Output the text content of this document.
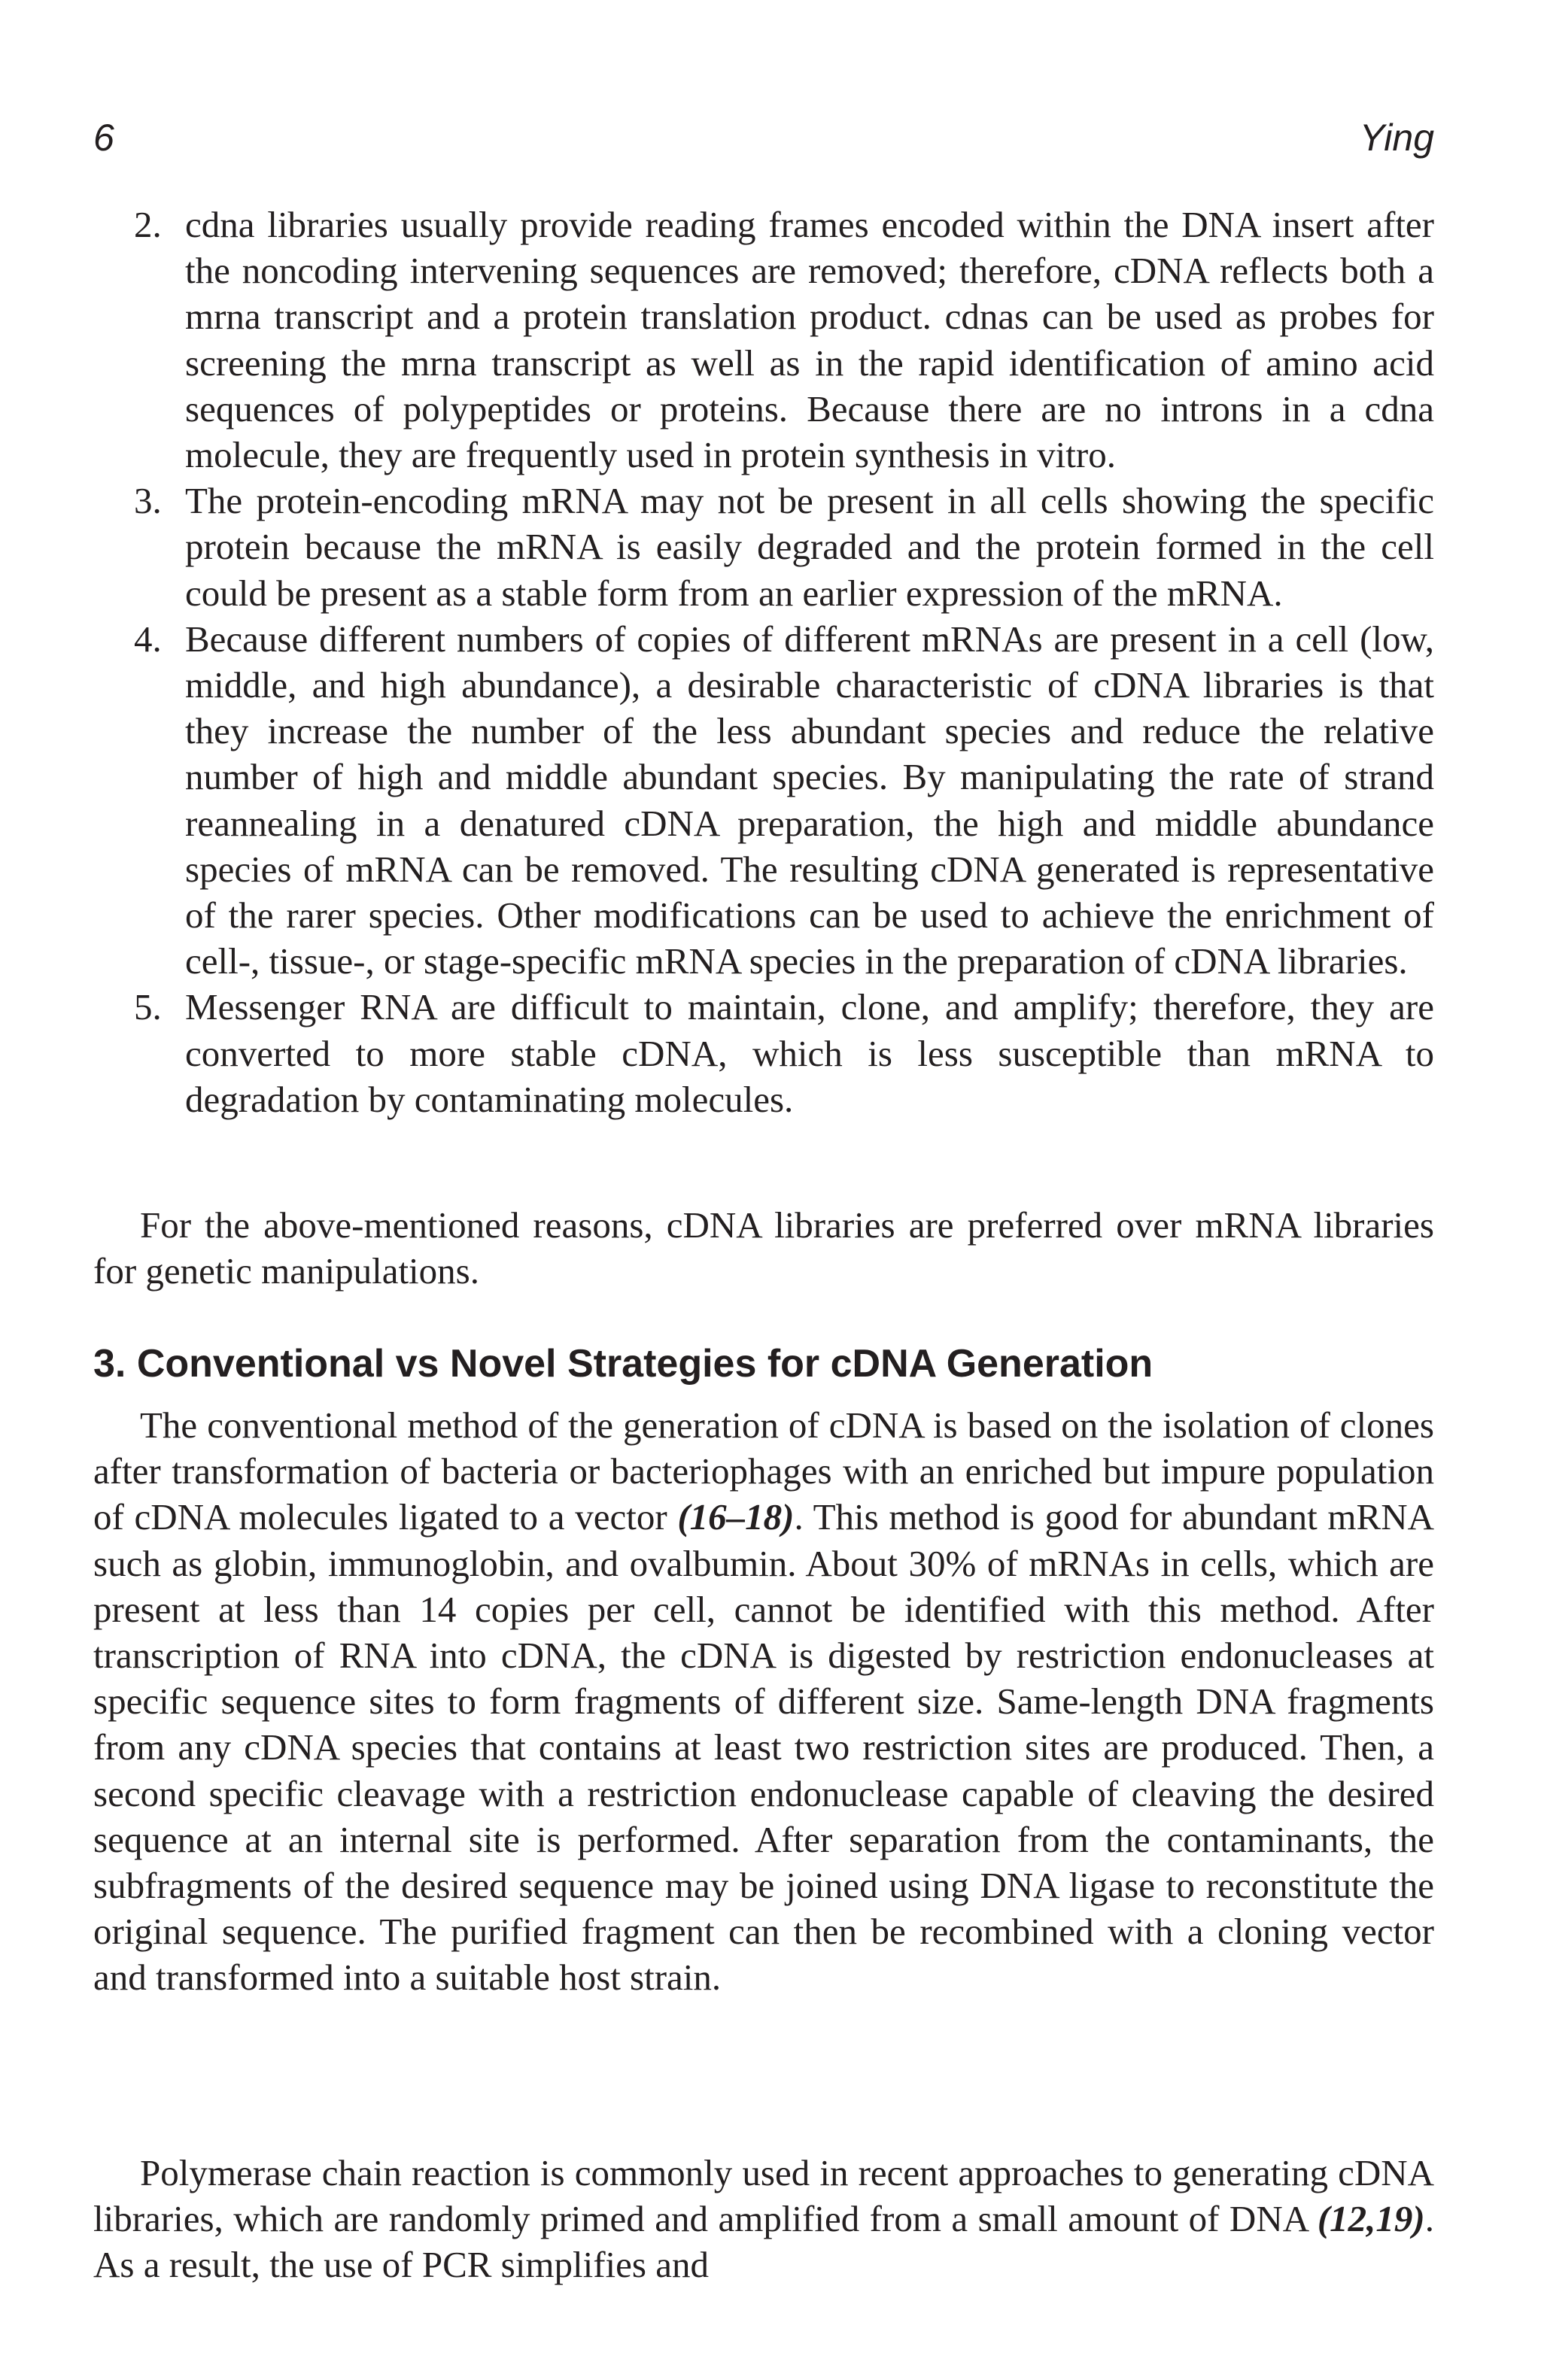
6	Ying
2. cdna libraries usually provide reading frames encoded within the DNA insert after the noncoding intervening sequences are removed; therefore, cDNA reflects both a mrna transcript and a protein translation product. cdnas can be used as probes for screening the mrna transcript as well as in the rapid identification of amino acid sequences of polypeptides or proteins. Because there are no introns in a cdna molecule, they are frequently used in protein synthesis in vitro.
3. The protein-encoding mRNA may not be present in all cells showing the specific protein because the mRNA is easily degraded and the protein formed in the cell could be present as a stable form from an earlier expression of the mRNA.
4. Because different numbers of copies of different mRNAs are present in a cell (low, middle, and high abundance), a desirable characteristic of cDNA libraries is that they increase the number of the less abundant species and reduce the relative number of high and middle abundant species. By manipulating the rate of strand reannealing in a denatured cDNA preparation, the high and middle abundance species of mRNA can be removed. The resulting cDNA generated is representative of the rarer species. Other modifications can be used to achieve the enrichment of cell-, tissue-, or stage-specific mRNA species in the preparation of cDNA libraries.
5. Messenger RNA are difficult to maintain, clone, and amplify; therefore, they are converted to more stable cDNA, which is less susceptible than mRNA to degradation by contaminating molecules.

For the above-mentioned reasons, cDNA libraries are preferred over mRNA libraries for genetic manipulations.

3. Conventional vs Novel Strategies for cDNA Generation

The conventional method of the generation of cDNA is based on the isolation of clones after transformation of bacteria or bacteriophages with an enriched but impure population of cDNA molecules ligated to a vector (16–18). This method is good for abundant mRNA such as globin, immunoglobin, and ovalbumin. About 30% of mRNAs in cells, which are present at less than 14 copies per cell, cannot be identified with this method. After transcription of RNA into cDNA, the cDNA is digested by restriction endonucleases at specific sequence sites to form fragments of different size. Same-length DNA fragments from any cDNA species that contains at least two restriction sites are produced. Then, a second specific cleavage with a restriction endonuclease capable of cleaving the desired sequence at an internal site is performed. After separation from the contaminants, the subfragments of the desired sequence may be joined using DNA ligase to reconstitute the original sequence. The purified fragment can then be recombined with a cloning vector and transformed into a suitable host strain.

Polymerase chain reaction is commonly used in recent approaches to generating cDNA libraries, which are randomly primed and amplified from a small amount of DNA (12,19). As a result, the use of PCR simplifies and
